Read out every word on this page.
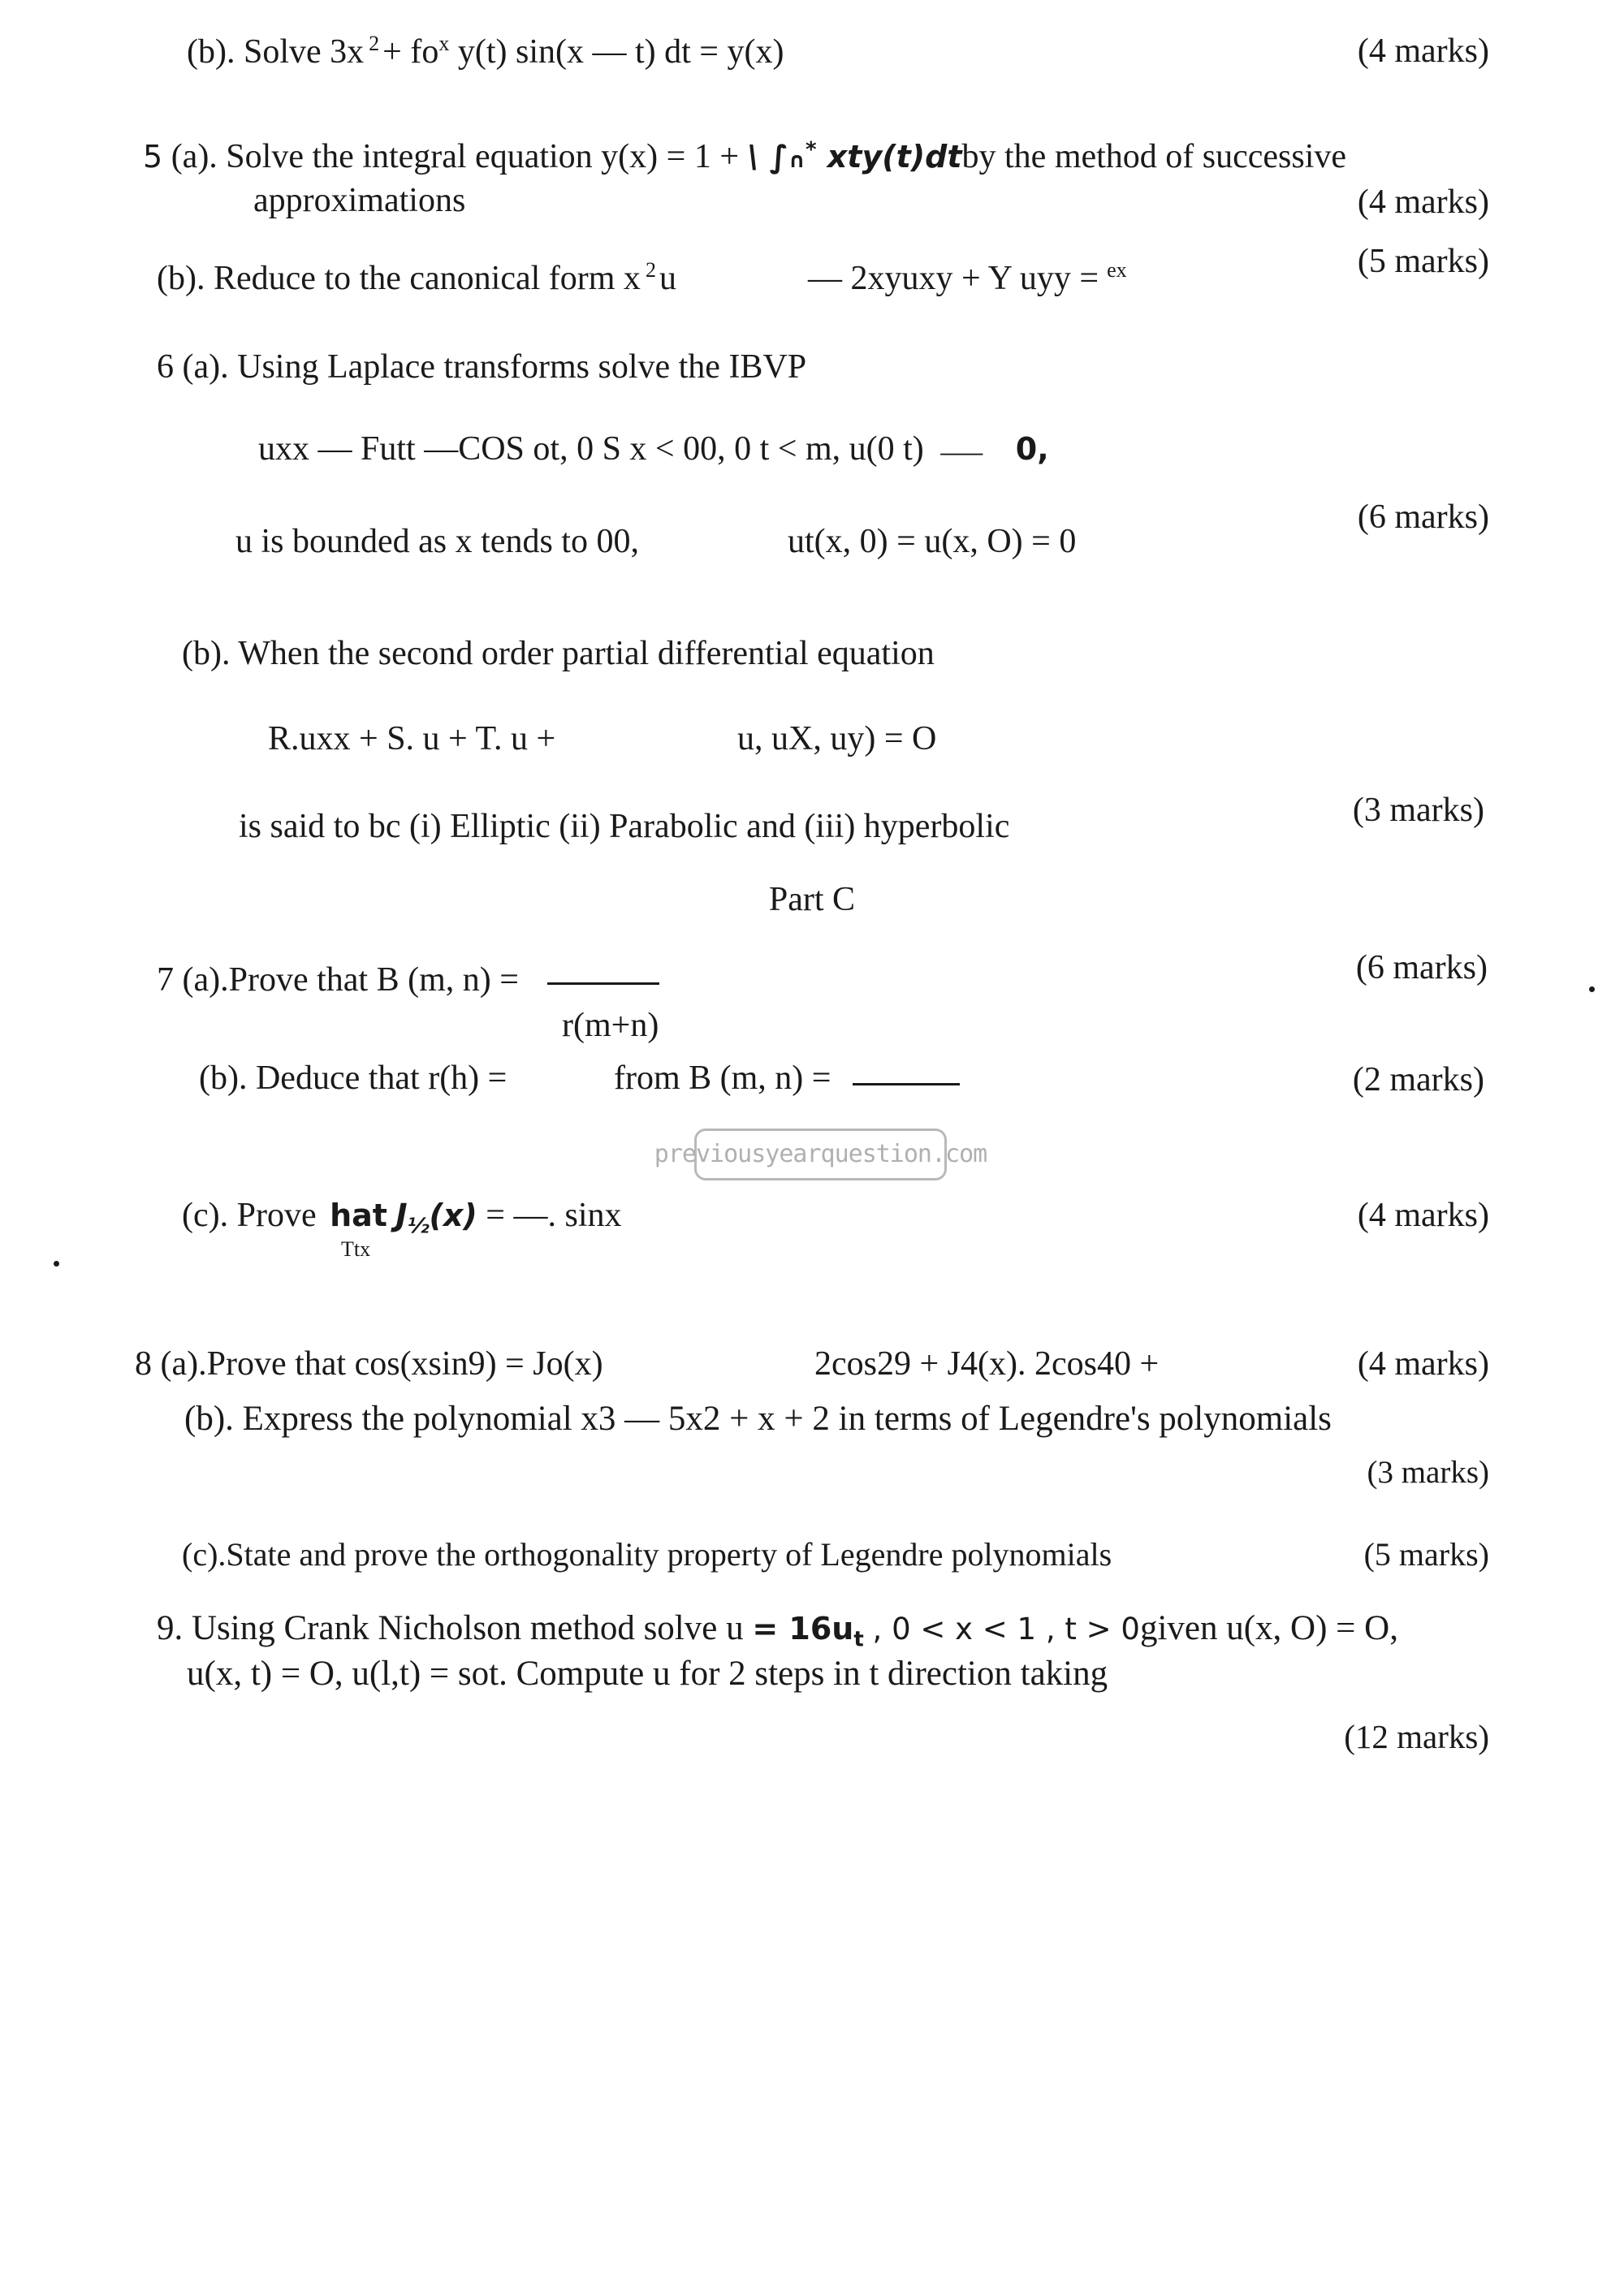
(b). Solve 3x $^2+ fo^x$ y(t) sin(x — t) dt = y(x)	(4 marks)
5 (a). Solve the integral equation y(x) = 1 + \ ∫∩* xty(t)dtby the method of successive
approximations	(4 marks)
(b). Reduce to the canonical form x $^2$u	— 2xyuxy + Y uyy = $^{ex}$	(5 marks)
6 (a). Using Laplace transforms solve the IBVP
uxx — Futt —COS ot, 0 S x < 00, 0 t < m, u(0 t) —— 0,
u is bounded as x tends to 00,	ut(x, 0) = u(x, O) = 0
(6 marks)
(b). When the second order partial differential equation
R.uxx + S. u + T. u +	u, uX, uy) = O
is said to bc (i) Elliptic (ii) Parabolic and (iii) hyperbolic	(3 marks)
Part C
7 (a).Prove that B (m, n) =
r(m+n)
(6 marks)
(b). Deduce that r(h) =	from B (m, n) =	(2 marks)
previousyearquestion.com
(c). Prove hat $J_{\frac{1}{2}}(x)$ = —. sinx
Ttx
(4 marks)
8 (a).Prove that cos(xsin9) = Jo(x)	2cos29 + J4(x). 2cos40 +	(4 marks)
(b). Express the polynomial x3 — 5x2 + x + 2 in terms of Legendre's polynomials
(3 marks)
(c).State and prove the orthogonality property of Legendre polynomials	(5 marks)
9. Using Crank Nicholson method solve $u = 16u_t$ , 0 < x < 1 , t > 0given u(x, O) = O,
u(x, t) = O, u(l,t) = sot. Compute u for 2 steps in t direction taking
(12 marks)
